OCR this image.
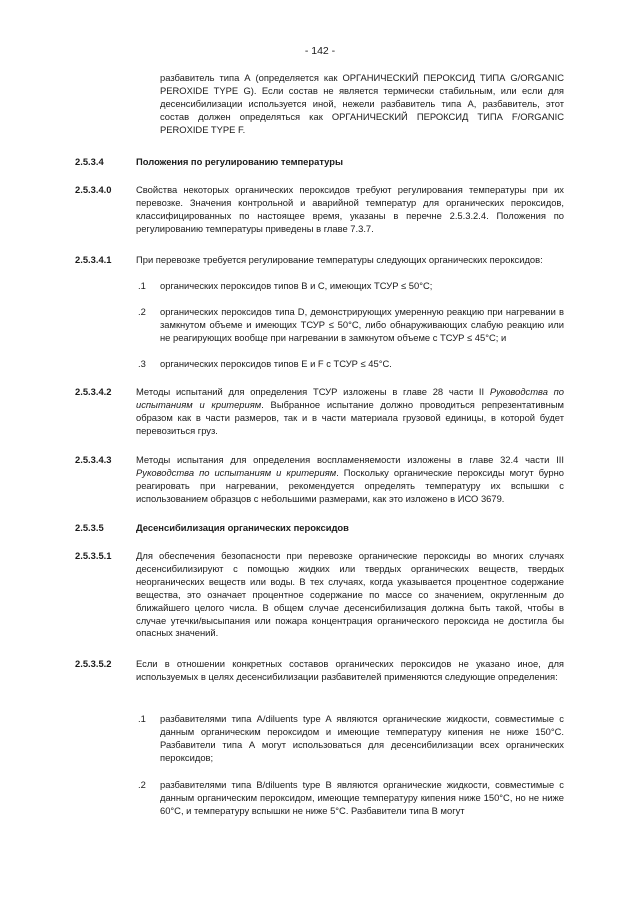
- 142 -

разбавитель типа А (определяется как ОРГАНИЧЕСКИЙ ПЕРОКСИД ТИПА G/ORGANIC PEROXIDE TYPE G). Если состав не является термически стабильным, или если для десенсибилизации используется иной, нежели разбавитель типа А, разбавитель, этот состав должен определяться как ОРГАНИЧЕСКИЙ ПЕРОКСИД ТИПА F/ORGANIC PEROXIDE TYPE F.

2.5.3.4	Положения по регулированию температуры
2.5.3.4.0	Свойства некоторых органических пероксидов требуют регулирования температуры при их перевозке. Значения контрольной и аварийной температур для органических пероксидов, классифицированных по настоящее время, указаны в перечне 2.5.3.2.4. Положения по регулированию температуры приведены в главе 7.3.7.

2.5.3.4.1	При перевозке требуется регулирование температуры следующих органических пероксидов:

.1 органических пероксидов типов В и С, имеющих ТСУР ≤ 50°С;

.2 органических пероксидов типа D, демонстрирующих умеренную реакцию при нагревании в замкнутом объеме и имеющих ТСУР ≤ 50°С, либо обнаруживающих слабую реакцию или не реагирующих вообще при нагревании в замкнутом объеме с ТСУР ≤ 45°С; и

.3 органических пероксидов типов Е и F с ТСУР ≤ 45°С.

2.5.3.4.2	Методы испытаний для определения ТСУР изложены в главе 28 части II Руководства по испытаниям и критериям. Выбранное испытание должно проводиться репрезентативным образом как в части размеров, так и в части материала грузовой единицы, в которой будет перевозиться груз.

2.5.3.4.3	Методы испытания для определения воспламеняемости изложены в главе 32.4 части III Руководства по испытаниям и критериям. Поскольку органические пероксиды могут бурно реагировать при нагревании, рекомендуется определять температуру их вспышки с использованием образцов с небольшими размерами, как это изложено в ИСО 3679.

2.5.3.5	Десенсибилизация органических пероксидов
2.5.3.5.1	Для обеспечения безопасности при перевозке органические пероксиды во многих случаях десенсибилизируют с помощью жидких или твердых органических веществ, твердых неорганических веществ или воды. В тех случаях, когда указывается процентное содержание вещества, это означает процентное содержание по массе со значением, округленным до ближайшего целого числа. В общем случае десенсибилизация должна быть такой, чтобы в случае утечки/высыпания или пожара концентрация органического пероксида не достигла бы опасных значений.

2.5.3.5.2	Если в отношении конкретных составов органических пероксидов не указано иное, для используемых в целях десенсибилизации разбавителей применяются следующие определения:

.1 разбавителями типа A/diluents type A являются органические жидкости, совместимые с данным органическим пероксидом и имеющие температуру кипения не ниже 150°С. Разбавители типа А могут использоваться для десенсибилизации всех органических пероксидов;

.2 разбавителями типа B/diluents type B являются органические жидкости, совместимые с данным органическим пероксидом, имеющие температуру кипения ниже 150°С, но не ниже 60°С, и температуру вспышки не ниже 5°С. Разбавители типа В могут
